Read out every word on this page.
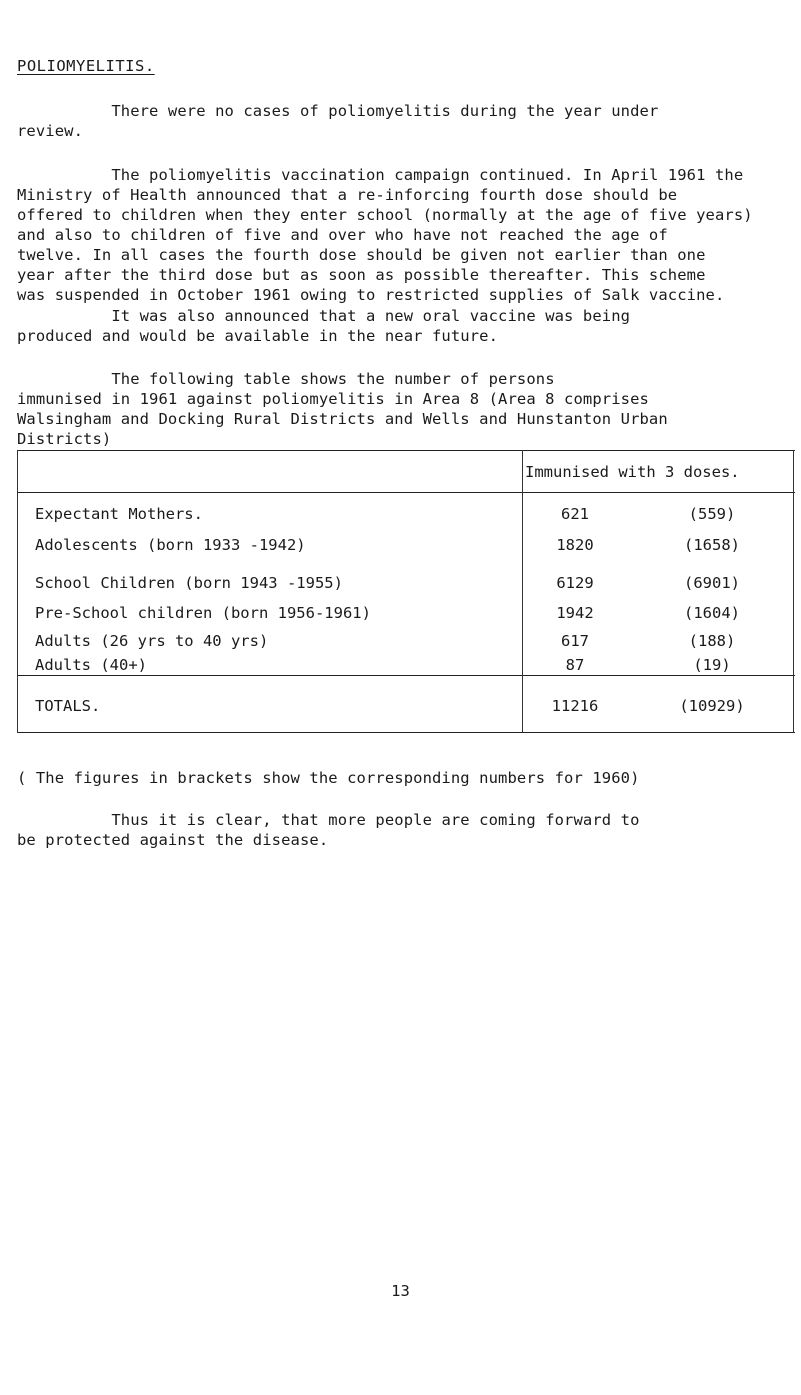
POLIOMYELITIS.

There were no cases of poliomyelitis during the year under
review.

The poliomyelitis vaccination campaign continued. In April 1961 the
Ministry of Health announced that a re-inforcing fourth dose should be
offered to children when they enter school (normally at the age of five years)
and also to children of five and over who have not reached the age of
twelve. In all cases the fourth dose should be given not earlier than one
year after the third dose but as soon as possible thereafter. This scheme
was suspended in October 1961 owing to restricted supplies of Salk vaccine.

It was also announced that a new oral vaccine was being
produced and would be available in the near future.

The following table shows the number of persons
immunised in 1961 against poliomyelitis in Area 8 (Area 8 comprises
Walsingham and Docking Rural Districts and Wells and Hunstanton Urban
Districts)

Immunised with 3 doses.
Expectant Mothers.	621	(559)
Adolescents (born 1933 -1942)	1820	(1658)
School Children (born 1943 -1955)	6129	(6901)
Pre-School children (born 1956-1961)	1942	(1604)
Adults (26 yrs to 40 yrs)	617	(188)
Adults (40+)	87	(19)
TOTALS.	11216	(10929)

( The figures in brackets show the corresponding numbers for 1960)

Thus it is clear, that more people are coming forward to
be protected against the disease.

13
